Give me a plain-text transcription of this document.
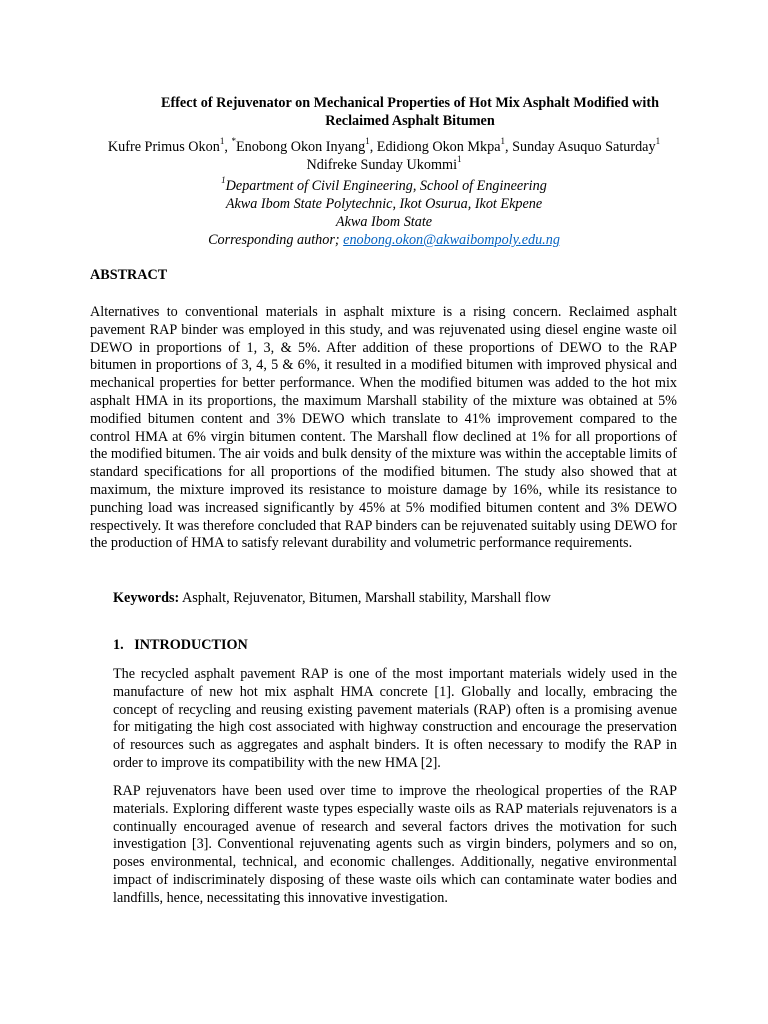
Effect of Rejuvenator on Mechanical Properties of Hot Mix Asphalt Modified with
Reclaimed Asphalt Bitumen
Kufre Primus Okon$^1$, *Enobong Okon Inyang$^1$, Edidiong Okon Mkpa$^1$, Sunday Asuquo Saturday$^1$
Ndifreke Sunday Ukommi$^1$
$^1$Department of Civil Engineering, School of Engineering
Akwa Ibom State Polytechnic, Ikot Osurua, Ikot Ekpene
Akwa Ibom State
Corresponding author; enobong.okon@akwaibompoly.edu.ng
ABSTRACT

Alternatives to conventional materials in asphalt mixture is a rising concern. Reclaimed asphalt pavement RAP binder was employed in this study, and was rejuvenated using diesel engine waste oil DEWO in proportions of 1, 3, & 5%. After addition of these proportions of DEWO to the RAP bitumen in proportions of 3, 4, 5 & 6%, it resulted in a modified bitumen with improved physical and mechanical properties for better performance. When the modified bitumen was added to the hot mix asphalt HMA in its proportions, the maximum Marshall stability of the mixture was obtained at 5% modified bitumen content and 3% DEWO which translate to 41% improvement compared to the control HMA at 6% virgin bitumen content. The Marshall flow declined at 1% for all proportions of the modified bitumen. The air voids and bulk density of the mixture was within the acceptable limits of standard specifications for all proportions of the modified bitumen. The study also showed that at maximum, the mixture improved its resistance to moisture damage by 16%, while its resistance to punching load was increased significantly by 45% at 5% modified bitumen content and 3% DEWO respectively. It was therefore concluded that RAP binders can be rejuvenated suitably using DEWO for the production of HMA to satisfy relevant durability and volumetric performance requirements.

Keywords: Asphalt, Rejuvenator, Bitumen, Marshall stability, Marshall flow
1.   INTRODUCTION

The recycled asphalt pavement RAP is one of the most important materials widely used in the manufacture of new hot mix asphalt HMA concrete [1]. Globally and locally, embracing the concept of recycling and reusing existing pavement materials (RAP) often is a promising avenue for mitigating the high cost associated with highway construction and encourage the preservation of resources such as aggregates and asphalt binders. It is often necessary to modify the RAP in order to improve its compatibility with the new HMA [2].

RAP rejuvenators have been used over time to improve the rheological properties of the RAP materials. Exploring different waste types especially waste oils as RAP materials rejuvenators is a continually encouraged avenue of research and several factors drives the motivation for such investigation [3]. Conventional rejuvenating agents such as virgin binders, polymers and so on, poses environmental, technical, and economic challenges. Additionally, negative environmental impact of indiscriminately disposing of these waste oils which can contaminate water bodies and landfills, hence, necessitating this innovative investigation.
